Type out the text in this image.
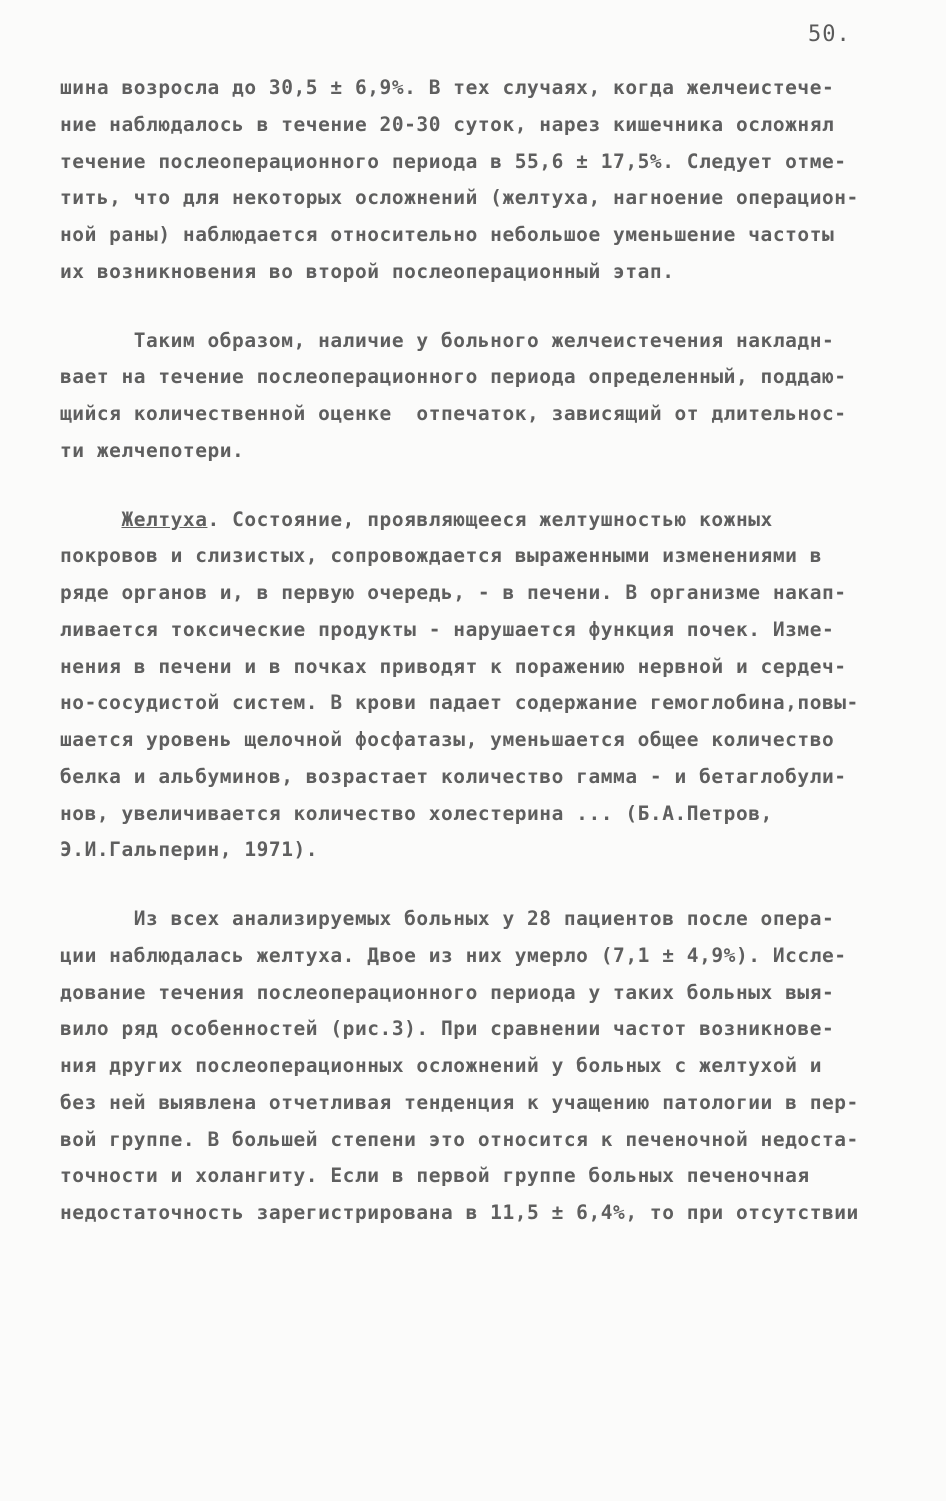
50.
шина возросла до 30,5 ± 6,9%. В тех случаях, когда желчеистече-
ние наблюдалось в течение 20-30 суток, нарез кишечника осложнял
течение послеоперационного периода в 55,6 ± 17,5%. Следует отме-
тить, что для некоторых осложнений (желтуха, нагноение операцион-
ной раны) наблюдается относительно небольшое уменьшение частоты
их возникновения во второй послеоперационный этап.
Таким образом, наличие у больного желчеистечения накладн-
вает на течение послеоперационного периода определенный, поддаю-
щийся количественной оценке  отпечаток, зависящий от длительнос-
ти желчепотери.
Желтуха. Состояние, проявляющееся желтушностью кожных
покровов и слизистых, сопровождается выраженными изменениями в
ряде органов и, в первую очередь, - в печени. В организме накап-
ливается токсические продукты - нарушается функция почек. Изме-
нения в печени и в почках приводят к поражению нервной и сердеч-
но-сосудистой систем. В крови падает содержание гемоглобина,повы-
шается уровень щелочной фосфатазы, уменьшается общее количество
белка и альбуминов, возрастает количество гамма - и бетаглобули-
нов, увеличивается количество холестерина ... (Б.А.Петров,
Э.И.Гальперин, 1971).
Из всех анализируемых больных у 28 пациентов после опера-
ции наблюдалась желтуха. Двое из них умерло (7,1 ± 4,9%). Иссле-
дование течения послеоперационного периода у таких больных выя-
вило ряд особенностей (рис.3). При сравнении частот возникнове-
ния других послеоперационных осложнений у больных с желтухой и
без ней выявлена отчетливая тенденция к учащению патологии в пер-
вой группе. В большей степени это относится к печеночной недоста-
точности и холангиту. Если в первой группе больных печеночная
недостаточность зарегистрирована в 11,5 ± 6,4%, то при отсутствии
